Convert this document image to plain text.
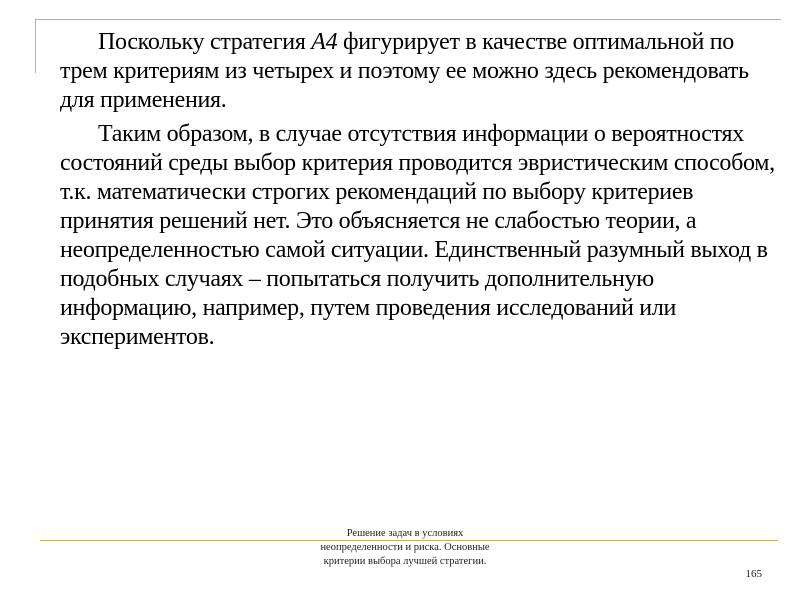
Поскольку стратегия A4 фигурирует в качестве оптимальной по трем критериям из четырех и поэтому ее можно здесь рекомендовать для применения.

Таким образом, в случае отсутствия информации о вероятностях состояний среды выбор критерия проводится эвристическим способом, т.к. математически строгих рекомендаций по выбору критериев принятия решений нет. Это объясняется не слабостью теории, а неопределенностью самой ситуации. Единственный разумный выход в подобных случаях – попытаться получить дополнительную информацию, например, путем проведения исследований или экспериментов.

Решение задач в условиях
неопределенности и риска. Основные
критерии выбора лучшей стратегии.
165
